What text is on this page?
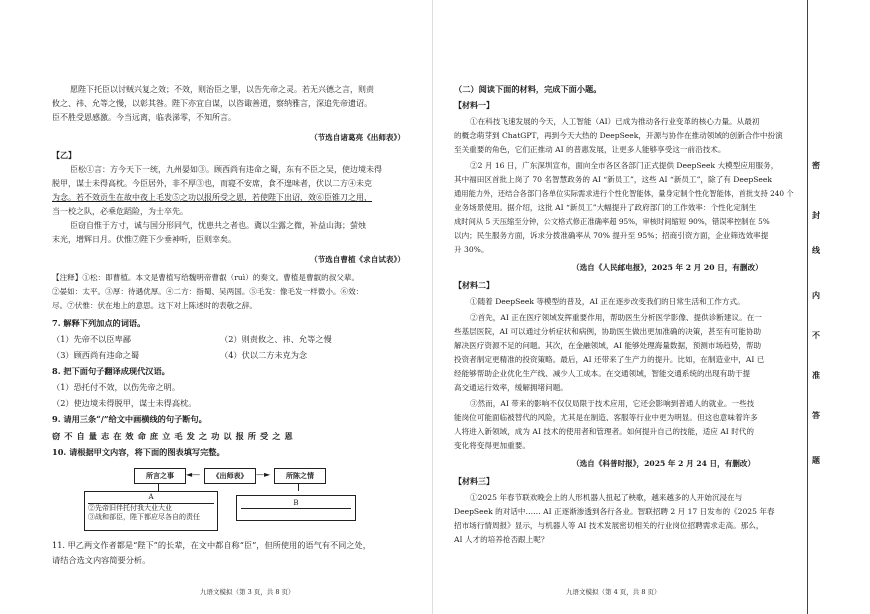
愿陛下托臣以讨贼兴复之效；不效，则治臣之罪，以告先帝之灵。若无兴德之言，则责

攸之、祎、允等之慢，以彰其咎。陛下亦宜自谋，以咨诹善道，察纳雅言，深追先帝遗诏。

臣不胜受恩感激。今当远离，临表涕零，不知所言。

（节选自诸葛亮《出师表》）

【乙】

臣松①言：方今天下一统，九州晏如③。顾西尚有违命之蜀，东有不臣之吴，使边境未得

脱甲，谋士未得高枕。今臣居外，非不厚③也，而寝不安席，食不遑味者，伏以二方④未克

为念。若不效贡生在故中夜上毛发⑤之功以报所受之恩，若使陛下出诏，效⑥臣锥刀之用，

当一校之队，必乘危蹈险，为士卒先。

臣窃自惟于方寸，诚与国分形同气，忧患共之者也。冀以尘露之微，补益山海；萤烛

末光，增辉日月。伏惟⑦陛下少垂神听，臣则幸矣。

（节选自曹植《求自试表》）

【注释】①松：即曹植。本文是曹植写给魏明帝曹叡（ruì）的奏文。曹植是曹叡的叔父辈。

②晏如：太平。③厚：待遇优厚。④二方：指蜀、吴两国。⑤毛发：像毛发一样微小。⑥效：

尽。⑦伏惟：伏在地上的意思。这下对上陈述时的表敬之辞。

7. 解释下列加点的词语。

（1）先帝不以臣卑鄙	（2）则责攸之、祎、允等之慢

（3）顾西尚有违命之蜀	（4）伏以二方未克为念

8. 把下面句子翻译成现代汉语。

（1）恐托付不效，以伤先帝之明。

（2）使边境未得脱甲，谋士未得高枕。

9. 请用三条“/”给文中画横线的句子断句。

窃 不 自 量 志 在 效 命 庶 立 毛 发 之 功 以 报 所 受 之 恩

10. 请根据甲文内容，将下面的图表填写完整。

所言之事	◄—	《出师表》	—►	所陈之情
A
②先帝旧伴托付我大业大业
③战和部臣，陛下都应尽各自的责任
B

11. 甲乙两文作者都是“陛下”的长辈，在文中都自称“臣”，但所使用的语气有不同之处，

请结合选文内容简要分析。

九语文模拟（第 3 页，共 8 页）

（二）阅读下面的材料，完成下面小题。

【材料一】

①在科技飞速发展的今天，人工智能（AI）已成为推动各行业变革的核心力量。从最初

的概念萌芽到 ChatGPT，再到今天大热的 DeepSeek，开源与协作在推动领域的创新合作中扮演

至关重要的角色，它们正推动 AI 的普惠发展，让更多人能够享受这一前沿技术。

②2 月 16 日，广东深圳宣布，面向全市各区各部门正式提供 DeepSeek 大模型应用服务，

其中福田区首批上岗了 70 名智慧政务的 AI “新员工”，这些 AI “新员工”，除了有 DeepSeek

通用能力外，还结合各部门各单位实际需求进行个性化智能体，量身定制个性化智能体，首批支持 240 个

业务场景使用。据介绍，这批 AI “新员工”大幅提升了政府部门的工作效率：个性化定制生

成时间从 5 天压缩至分钟，公文格式修正准确率超 95%，审核时间缩短 90%，错误率控制在 5%

以内；民生服务方面，诉求分拨准确率从 70% 提升至 95%；招商引资方面，企业筛选效率提

升 30%。

（选自《人民邮电报》，2025 年 2 月 20 日，有删改）

【材料二】

①随着 DeepSeek 等模型的普及，AI 正在逐步改变我们的日常生活和工作方式。

②首先，AI 正在医疗领域发挥重要作用，帮助医生分析医学影像、提供诊断建议。在一

些基层医院，AI 可以通过分析症状和病例，协助医生做出更加准确的决策，甚至有可能协助

解决医疗资源不足的问题。其次，在金融领域，AI 能够处理海量数据，预测市场趋势，帮助

投资者制定更精准的投资策略。最后，AI 还带来了生产力的提升。比如，在制造业中，AI 已

经能够帮助企业优化生产线、减少人工成本。在交通领域，智能交通系统的出现有助于提

高交通运行效率，缓解拥堵问题。

③然而，AI 带来的影响不仅仅局限于技术应用，它还会影响到普通人的就业。一些技

能岗位可能面临被替代的风险，尤其是在制造、客服等行业中更为明显。但这也意味着许多

人将进入新领域，成为 AI 技术的使用者和管理者。如何提升自己的技能，适应 AI 时代的

变化将变得更加重要。

（选自《科普时报》，2025 年 2 月 24 日，有删改）

【材料三】

①2025 年春节联欢晚会上的人形机器人扭起了秧歌，越来越多的人开始沉浸在与

DeepSeek 的对话中…… AI 正逐渐渗透到各行各业。智联招聘 2 月 17 日发布的《2025 年春

招市场行情周报》显示，与机器人等 AI 技术发展密切相关的行业岗位招聘需求走高。那么，

AI 人才的培养抢否跟上呢？

九语文模拟（第 4 页，共 8 页）

密
封
线
内
不
准
答
题
